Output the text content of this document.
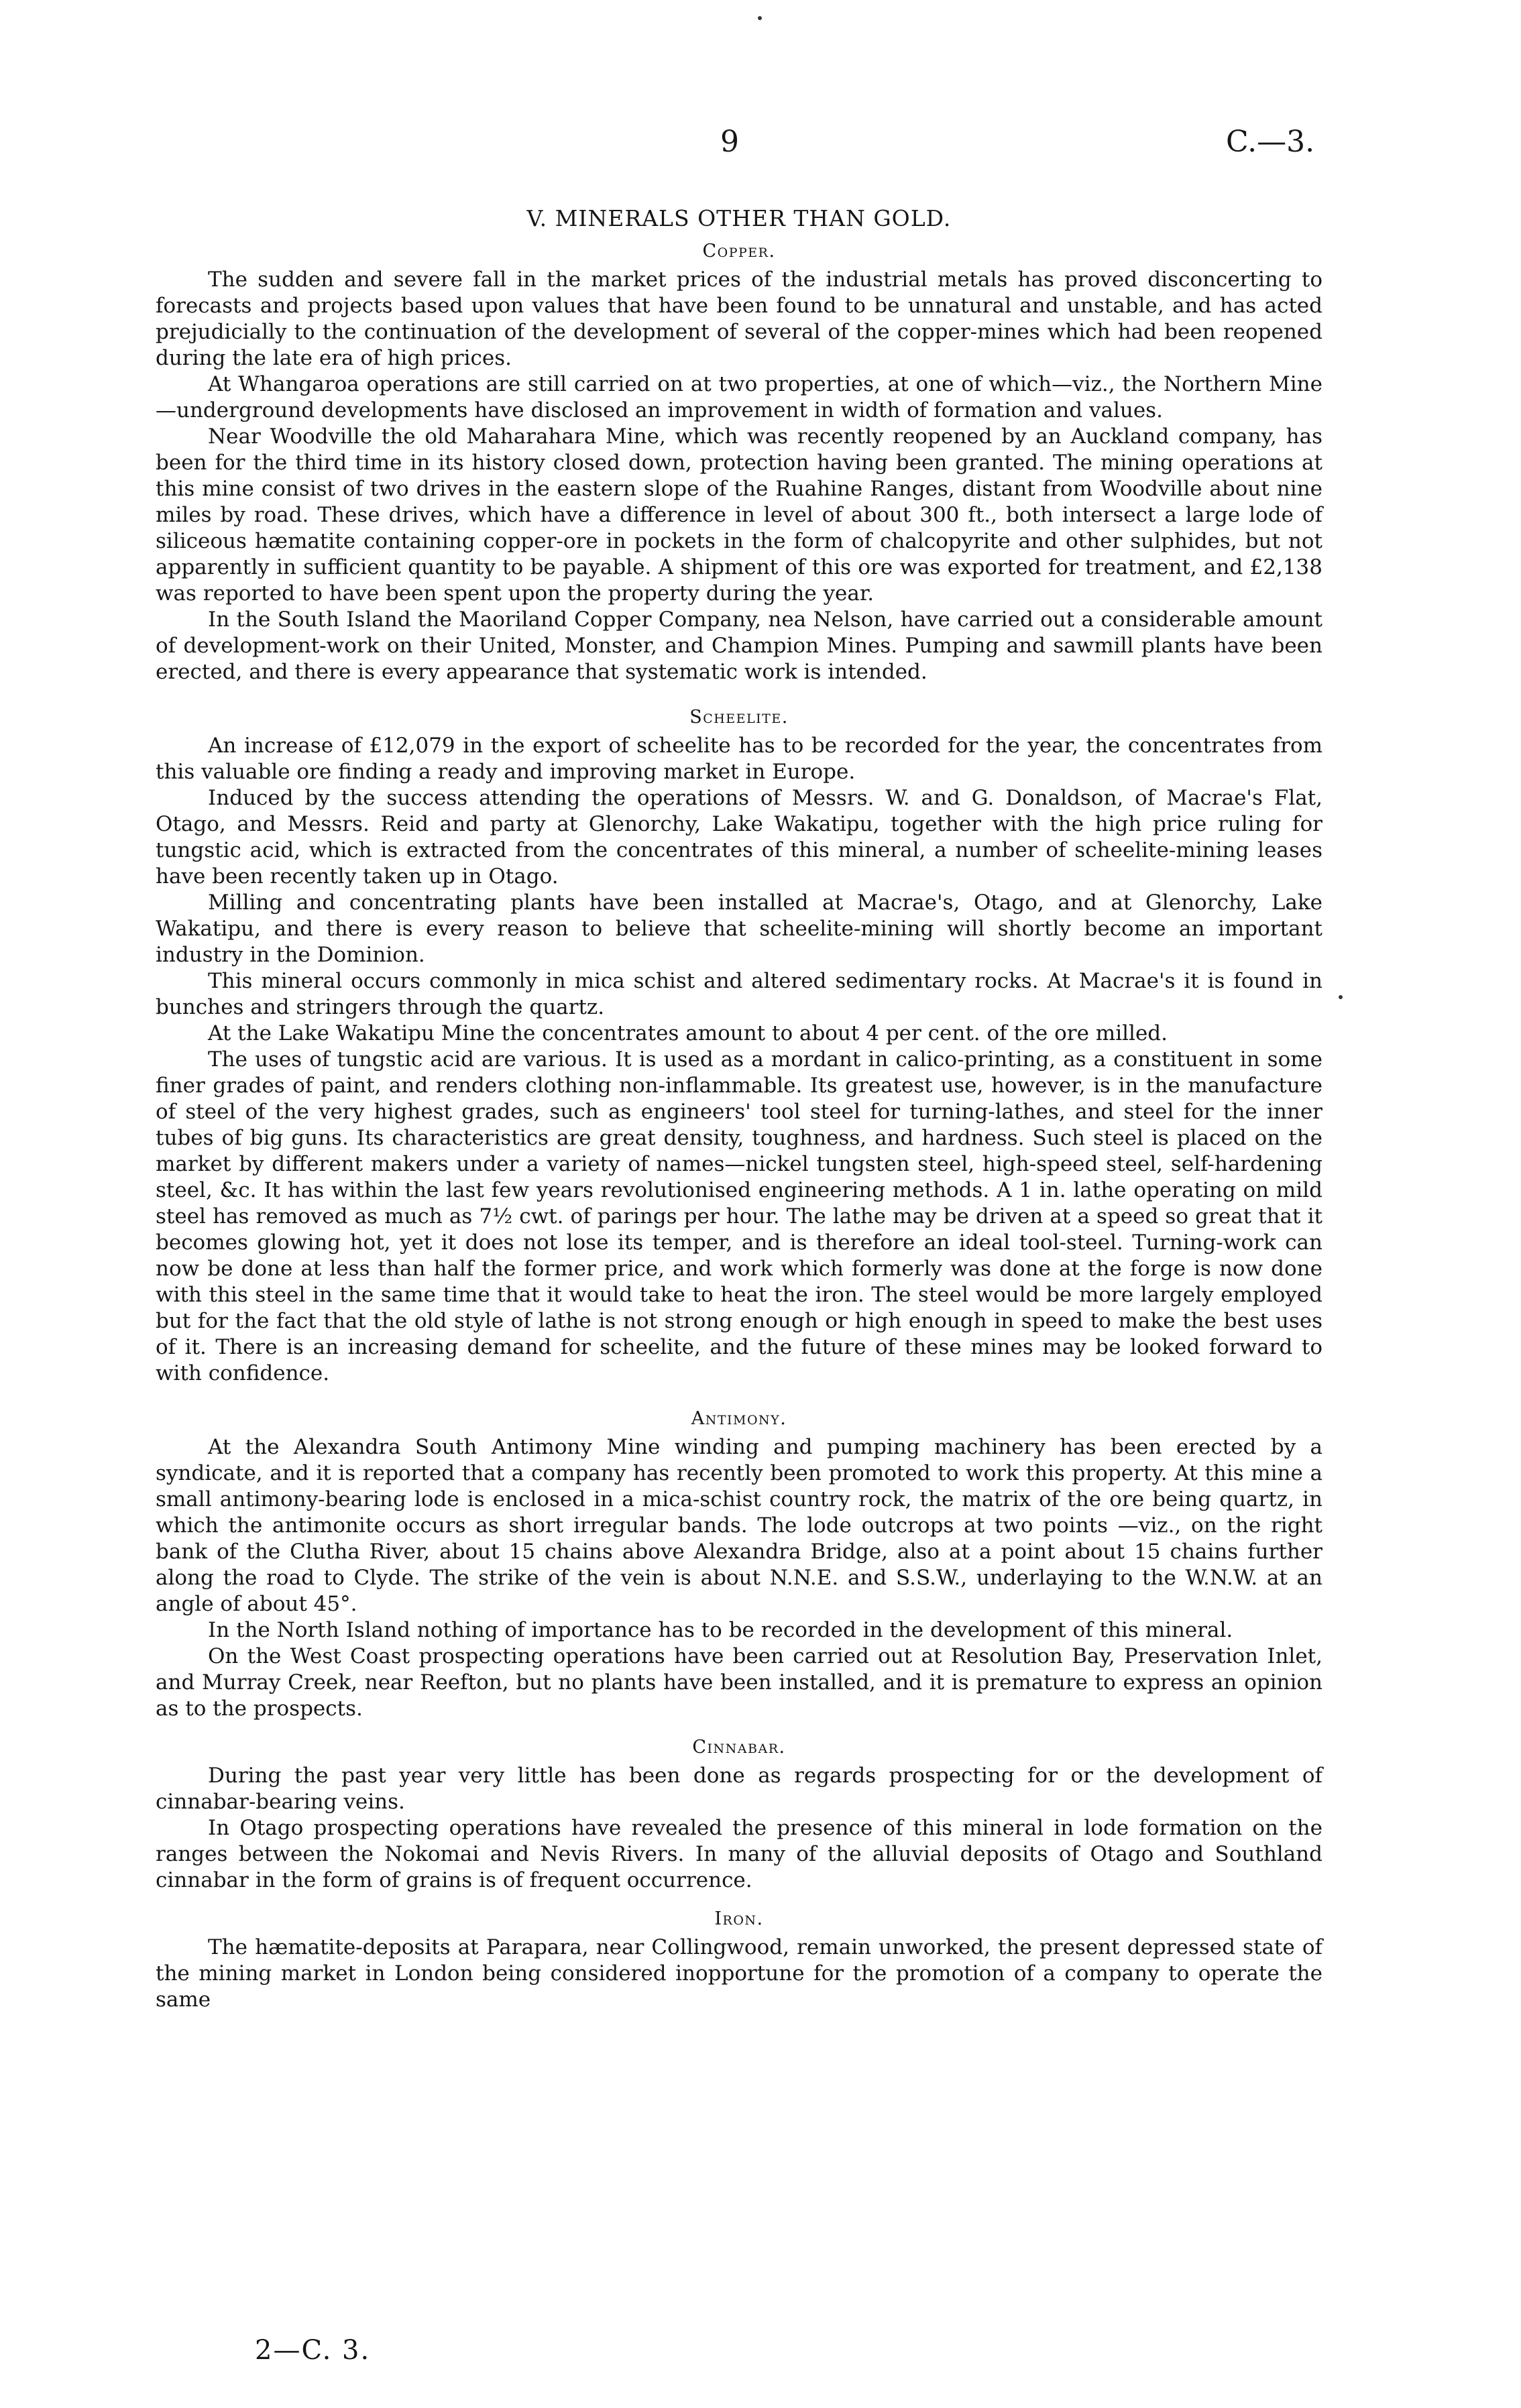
9	C.—3.
V. MINERALS OTHER THAN GOLD.
Copper.

The sudden and severe fall in the market prices of the industrial metals has proved disconcerting to forecasts and projects based upon values that have been found to be unnatural and unstable, and has acted prejudicially to the continuation of the development of several of the copper-mines which had been reopened during the late era of high prices.

At Whangaroa operations are still carried on at two properties, at one of which—viz., the Northern Mine—underground developments have disclosed an improvement in width of formation and values.

Near Woodville the old Maharahara Mine, which was recently reopened by an Auckland company, has been for the third time in its history closed down, protection having been granted. The mining operations at this mine consist of two drives in the eastern slope of the Ruahine Ranges, distant from Woodville about nine miles by road. These drives, which have a difference in level of about 300 ft., both intersect a large lode of siliceous hæmatite containing copper-ore in pockets in the form of chalcopyrite and other sulphides, but not apparently in sufficient quantity to be payable. A shipment of this ore was exported for treatment, and £2,138 was reported to have been spent upon the property during the year.

In the South Island the Maoriland Copper Company, nea Nelson, have carried out a considerable amount of development-work on their United, Monster, and Champion Mines. Pumping and sawmill plants have been erected, and there is every appearance that systematic work is intended.

Scheelite.

An increase of £12,079 in the export of scheelite has to be recorded for the year, the concentrates from this valuable ore finding a ready and improving market in Europe.

Induced by the success attending the operations of Messrs. W. and G. Donaldson, of Macrae's Flat, Otago, and Messrs. Reid and party at Glenorchy, Lake Wakatipu, together with the high price ruling for tungstic acid, which is extracted from the concentrates of this mineral, a number of scheelite-mining leases have been recently taken up in Otago.

Milling and concentrating plants have been installed at Macrae's, Otago, and at Glenorchy, Lake Wakatipu, and there is every reason to believe that scheelite-mining will shortly become an important industry in the Dominion.

This mineral occurs commonly in mica schist and altered sedimentary rocks. At Macrae's it is found in bunches and stringers through the quartz.

At the Lake Wakatipu Mine the concentrates amount to about 4 per cent. of the ore milled.

The uses of tungstic acid are various. It is used as a mordant in calico-printing, as a constituent in some finer grades of paint, and renders clothing non-inflammable. Its greatest use, however, is in the manufacture of steel of the very highest grades, such as engineers' tool steel for turning-lathes, and steel for the inner tubes of big guns. Its characteristics are great density, toughness, and hardness. Such steel is placed on the market by different makers under a variety of names—nickel tungsten steel, high-speed steel, self-hardening steel, &c. It has within the last few years revolutionised engineering methods. A 1 in. lathe operating on mild steel has removed as much as 7½ cwt. of parings per hour. The lathe may be driven at a speed so great that it becomes glowing hot, yet it does not lose its temper, and is therefore an ideal tool-steel. Turning-work can now be done at less than half the former price, and work which formerly was done at the forge is now done with this steel in the same time that it would take to heat the iron. The steel would be more largely employed but for the fact that the old style of lathe is not strong enough or high enough in speed to make the best uses of it. There is an increasing demand for scheelite, and the future of these mines may be looked forward to with confidence.

Antimony.

At the Alexandra South Antimony Mine winding and pumping machinery has been erected by a syndicate, and it is reported that a company has recently been promoted to work this property. At this mine a small antimony-bearing lode is enclosed in a mica-schist country rock, the matrix of the ore being quartz, in which the antimonite occurs as short irregular bands. The lode outcrops at two points —viz., on the right bank of the Clutha River, about 15 chains above Alexandra Bridge, also at a point about 15 chains further along the road to Clyde. The strike of the vein is about N.N.E. and S.S.W., underlaying to the W.N.W. at an angle of about 45°.

In the North Island nothing of importance has to be recorded in the development of this mineral.

On the West Coast prospecting operations have been carried out at Resolution Bay, Preservation Inlet, and Murray Creek, near Reefton, but no plants have been installed, and it is premature to express an opinion as to the prospects.

Cinnabar.

During the past year very little has been done as regards prospecting for or the development of cinnabar-bearing veins.

In Otago prospecting operations have revealed the presence of this mineral in lode formation on the ranges between the Nokomai and Nevis Rivers. In many of the alluvial deposits of Otago and Southland cinnabar in the form of grains is of frequent occurrence.

Iron.

The hæmatite-deposits at Parapara, near Collingwood, remain unworked, the present depressed state of the mining market in London being considered inopportune for the promotion of a company to operate the same

2—C. 3.
